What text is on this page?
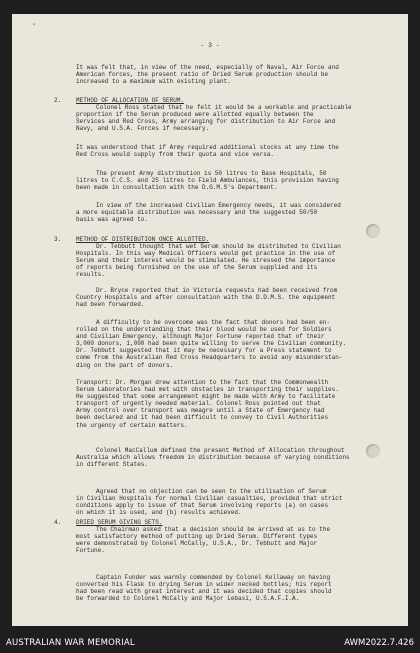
✶
- 3 -
It was felt that, in view of the need, especially of Naval, Air Force and
American forces, the present ratio of Dried Serum production should be
increased to a maximum with existing plant.
2. METHOD OF ALLOCATION OF SERUM.
Colonel Ross stated that he felt it would be a workable and practicable
proportion if the Serum produced were allotted equally between the
Services and Red Cross, Army arranging for distribution to Air Force and
Navy, and U.S.A. Forces if necessary.
It was understood that if Army required additional stocks at any time the
Red Cross would supply from their quota and vice versa.
The present Army distribution is 50 litres to Base Hospitals, 50
litres to C.C.S. and 25 litres to Field Ambulances, this provision having
been made in consultation with the D.G.M.S's Department.
In view of the increased Civilian Emergency needs, it was considered
a more equitable distribution was necessary and the suggested 50/50
basis was agreed to.
3. METHOD OF DISTRIBUTION ONCE ALLOTTED.
Dr. Tebbutt thought that wet Serum should be distributed to Civilian
Hospitals. In this way Medical Officers would get practice in the use of
Serum and their interest would be stimulated. He stressed the importance
of reports being furnished on the use of the Serum supplied and its
results.
Dr. Bryce reported that in Victoria requests had been received from
Country Hospitals and after consultation with the D.D.M.S. the equipment
had been forwarded.
A difficulty to be overcome was the fact that donors had been en-
rolled on the understanding that their blood would be used for Soldiers
and Civilian Emergency, although Major Fortune reported that of their
3,000 donors, 1,000 had been quite willing to serve the Civilian community.
Dr. Tebbutt suggested that it may be necessary for a Press statement to
come from the Australian Red Cross Headquarters to avoid any misunderstan-
ding on the part of donors.
Transport: Dr. Morgan drew attention to the fact that the Commonwealth
Serum Laboratories had met with obstacles in transporting their supplies.
He suggested that some arrangement might be made with Army to facilitate
transport of urgently needed material. Colonel Ross pointed out that
Army control over transport was meagre until a State of Emergency had
been declared and it had been difficult to convey to Civil Authorities
the urgency of certain matters.
Colonel MacCallum defined the present Method of Allocation throughout
Australia which allows freedom in distribution because of varying conditions
in different States.
Agreed that no objection can be seen to the utilisation of Serum
in Civilian Hospitals for normal Civilian casualties, provided that strict
conditions apply to issue of that Serum involving reports (a) on cases
on which it is used, and (b) results achieved.
4. DRIED SERUM GIVING SETS.
The Chairman asked that a decision should be arrived at as to the
most satisfactory method of putting up Dried Serum. Different types
were demonstrated by Colonel McCally, U.S.A., Dr. Tebbutt and Major
Fortune.
Captain Funder was warmly commended by Colonel Kellaway on having
converted his Flask to drying Serum in wider necked bottles; his report
had been read with great interest and it was decided that copies should
be forwarded to Colonel McCally and Major Lebasi, U.S.A.F.I.A.
AUSTRALIAN WAR MEMORIAL	AWM2022.7.426
